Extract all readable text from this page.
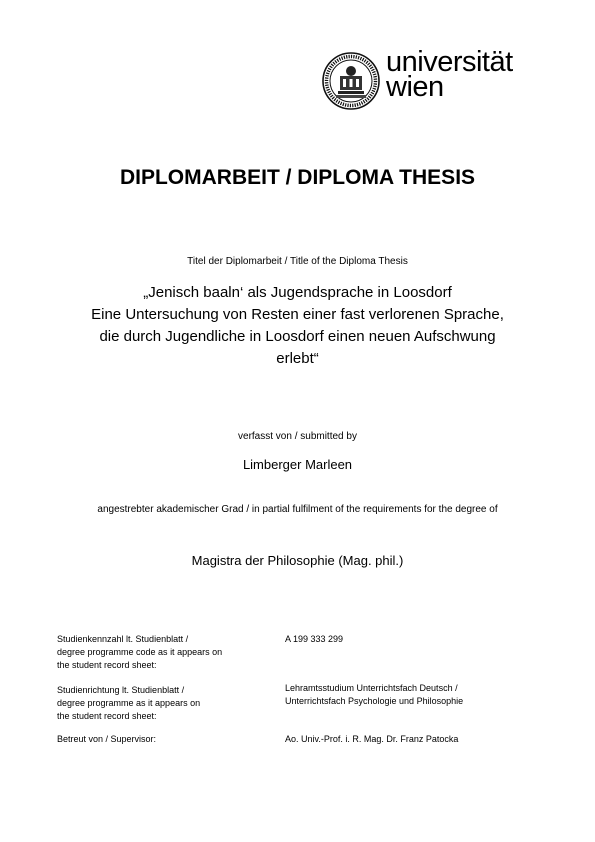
universität
wien
DIPLOMARBEIT / DIPLOMA THESIS
Titel der Diplomarbeit / Title of the Diploma Thesis
„Jenisch baaln‘ als Jugendsprache in Loosdorf
Eine Untersuchung von Resten einer fast verlorenen Sprache,
die durch Jugendliche in Loosdorf einen neuen Aufschwung
erlebt“
verfasst von / submitted by
Limberger Marleen
angestrebter akademischer Grad / in partial fulfilment of the requirements for the degree of
Magistra der Philosophie (Mag. phil.)
Studienkennzahl lt. Studienblatt /
degree programme code as it appears on
the student record sheet:
A 199 333 299
Studienrichtung lt. Studienblatt /
degree programme as it appears on
the student record sheet:
Lehramtsstudium Unterrichtsfach Deutsch /
Unterrichtsfach Psychologie und Philosophie
Betreut von / Supervisor:	Ao. Univ.-Prof. i. R. Mag. Dr. Franz Patocka
